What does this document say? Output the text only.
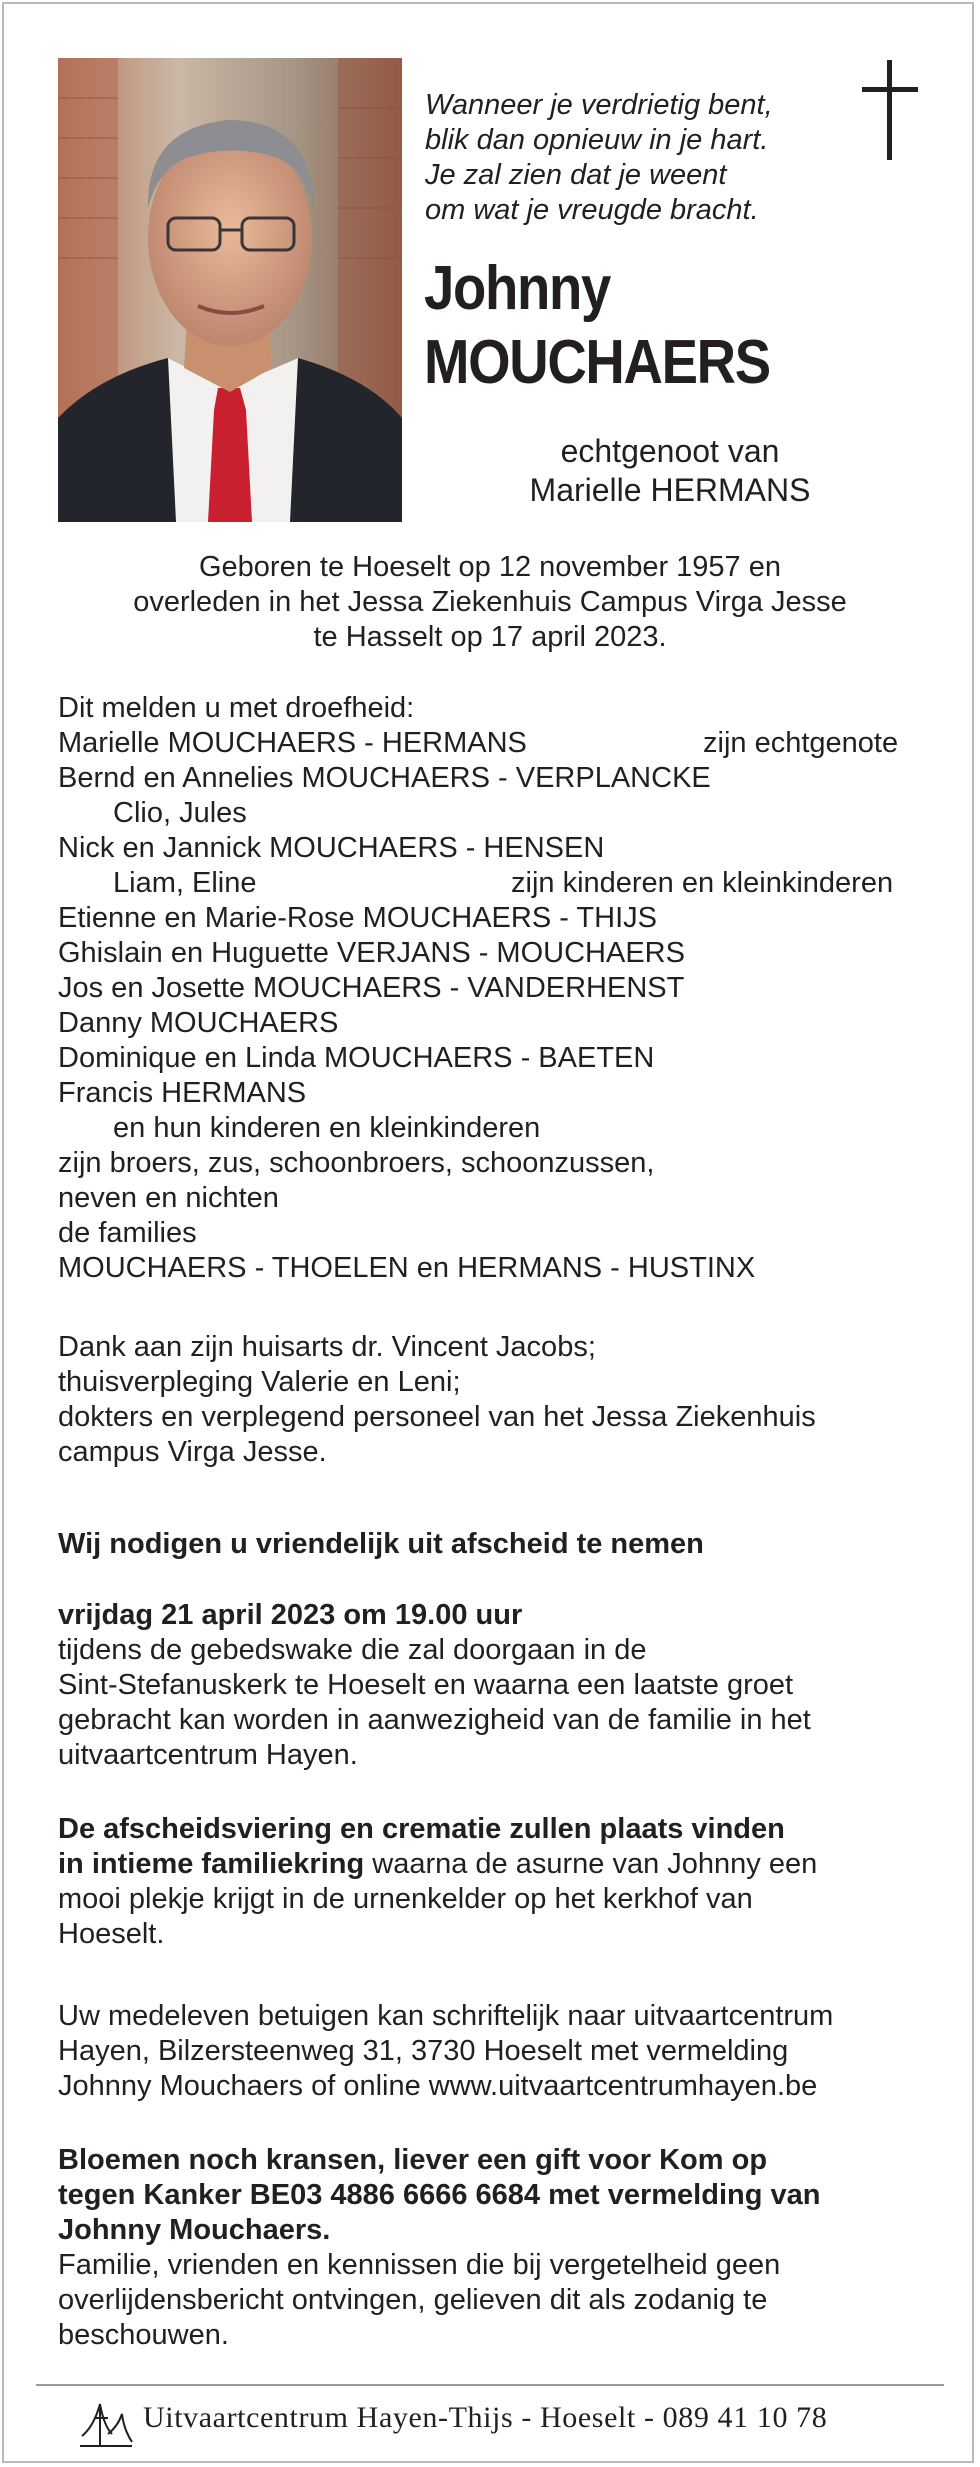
Wanneer je verdrietig bent,
blik dan opnieuw in je hart.
Je zal zien dat je weent
om wat je vreugde bracht.
Johnny
MOUCHAERS
echtgenoot van
Marielle HERMANS
Geboren te Hoeselt op 12 november 1957 en
overleden in het Jessa Ziekenhuis Campus Virga Jesse
te Hasselt op 17 april 2023.
Dit melden u met droefheid:
Marielle MOUCHAERS - HERMANS	zijn echtgenote
Bernd en Annelies MOUCHAERS - VERPLANCKE
Clio, Jules
Nick en Jannick MOUCHAERS - HENSEN
Liam, Eline	zijn kinderen en kleinkinderen
Etienne en Marie-Rose MOUCHAERS - THIJS
Ghislain en Huguette VERJANS - MOUCHAERS
Jos en Josette MOUCHAERS - VANDERHENST
Danny MOUCHAERS
Dominique en Linda MOUCHAERS - BAETEN
Francis HERMANS
en hun kinderen en kleinkinderen
zijn broers, zus, schoonbroers, schoonzussen,
neven en nichten
de families
MOUCHAERS - THOELEN en HERMANS - HUSTINX
Dank aan zijn huisarts dr. Vincent Jacobs;
thuisverpleging Valerie en Leni;
dokters en verplegend personeel van het Jessa Ziekenhuis
campus Virga Jesse.
Wij nodigen u vriendelijk uit afscheid te nemen
vrijdag 21 april 2023 om 19.00 uur
tijdens de gebedswake die zal doorgaan in de
Sint-Stefanuskerk te Hoeselt en waarna een laatste groet
gebracht kan worden in aanwezigheid van de familie in het
uitvaartcentrum Hayen.
De afscheidsviering en crematie zullen plaats vinden
in intieme familiekring waarna de asurne van Johnny een
mooi plekje krijgt in de urnenkelder op het kerkhof van
Hoeselt.
Uw medeleven betuigen kan schriftelijk naar uitvaartcentrum
Hayen, Bilzersteenweg 31, 3730 Hoeselt met vermelding
Johnny Mouchaers of online www.uitvaartcentrumhayen.be
Bloemen noch kransen, liever een gift voor Kom op
tegen Kanker BE03 4886 6666 6684 met vermelding van
Johnny Mouchaers.
Familie, vrienden en kennissen die bij vergetelheid geen
overlijdensbericht ontvingen, gelieven dit als zodanig te
beschouwen.
Uitvaartcentrum Hayen-Thijs - Hoeselt - 089 41 10 78
